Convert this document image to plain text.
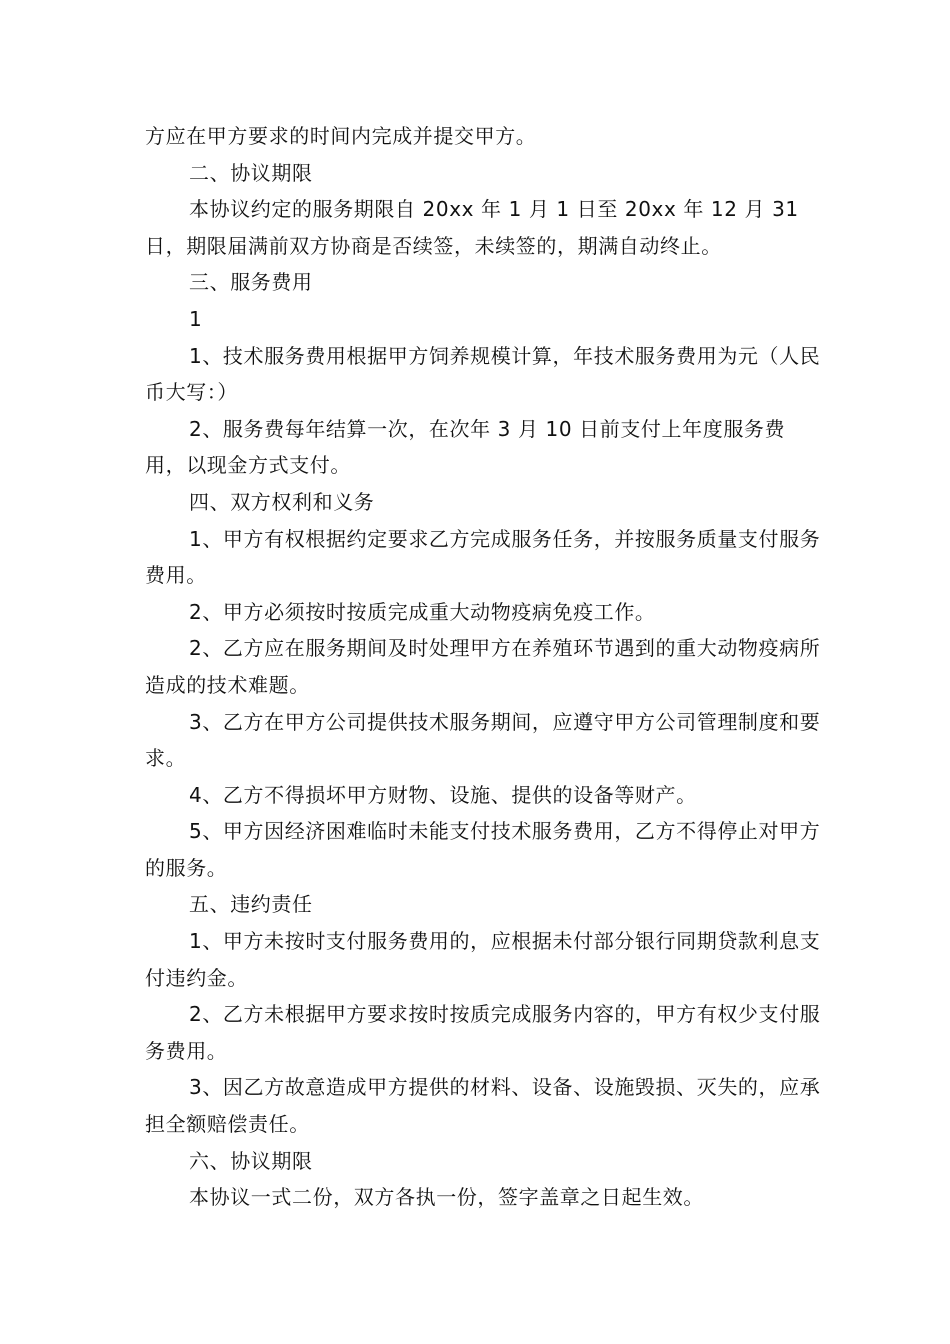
方应在甲方要求的时间内完成并提交甲方。

二、协议期限

本协议约定的服务期限自 20xx 年 1 月 1 日至 20xx 年 12 月 31 日，期限届满前双方协商是否续签，未续签的，期满自动终止。

三、服务费用

1

1、技术服务费用根据甲方饲养规模计算，年技术服务费用为元（人民币大写：）

2、服务费每年结算一次，在次年 3 月 10 日前支付上年度服务费用，以现金方式支付。

四、双方权利和义务

1、甲方有权根据约定要求乙方完成服务任务，并按服务质量支付服务费用。

2、甲方必须按时按质完成重大动物疫病免疫工作。

2、乙方应在服务期间及时处理甲方在养殖环节遇到的重大动物疫病所造成的技术难题。

3、乙方在甲方公司提供技术服务期间，应遵守甲方公司管理制度和要求。

4、乙方不得损坏甲方财物、设施、提供的设备等财产。

5、甲方因经济困难临时未能支付技术服务费用，乙方不得停止对甲方的服务。

五、违约责任

1、甲方未按时支付服务费用的，应根据未付部分银行同期贷款利息支付违约金。

2、乙方未根据甲方要求按时按质完成服务内容的，甲方有权少支付服务费用。

3、因乙方故意造成甲方提供的材料、设备、设施毁损、灭失的，应承担全额赔偿责任。

六、协议期限

本协议一式二份，双方各执一份，签字盖章之日起生效。
